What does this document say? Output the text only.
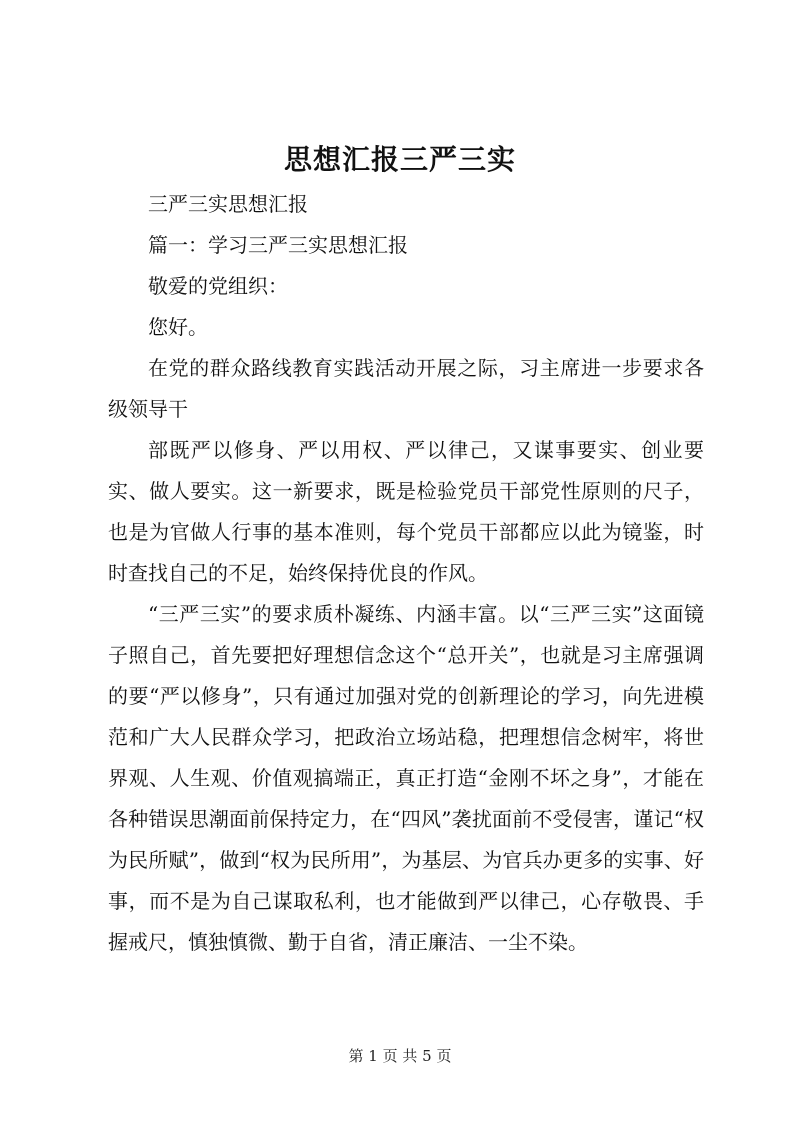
思想汇报三严三实

三严三实思想汇报

篇一：学习三严三实思想汇报

敬爱的党组织：

您好。

在党的群众路线教育实践活动开展之际，习主席进一步要求各级领导干

部既严以修身、严以用权、严以律己，又谋事要实、创业要实、做人要实。这一新要求，既是检验党员干部党性原则的尺子，也是为官做人行事的基本准则，每个党员干部都应以此为镜鉴，时时查找自己的不足，始终保持优良的作风。

“三严三实”的要求质朴凝练、内涵丰富。以“三严三实”这面镜子照自己，首先要把好理想信念这个“总开关”，也就是习主席强调的要“严以修身”，只有通过加强对党的创新理论的学习，向先进模范和广大人民群众学习，把政治立场站稳，把理想信念树牢，将世界观、人生观、价值观搞端正，真正打造“金刚不坏之身”，才能在各种错误思潮面前保持定力，在“四风”袭扰面前不受侵害，谨记“权为民所赋”，做到“权为民所用”，为基层、为官兵办更多的实事、好事，而不是为自己谋取私利，也才能做到严以律己，心存敬畏、手握戒尺，慎独慎微、勤于自省，清正廉洁、一尘不染。

第 1 页 共 5 页
